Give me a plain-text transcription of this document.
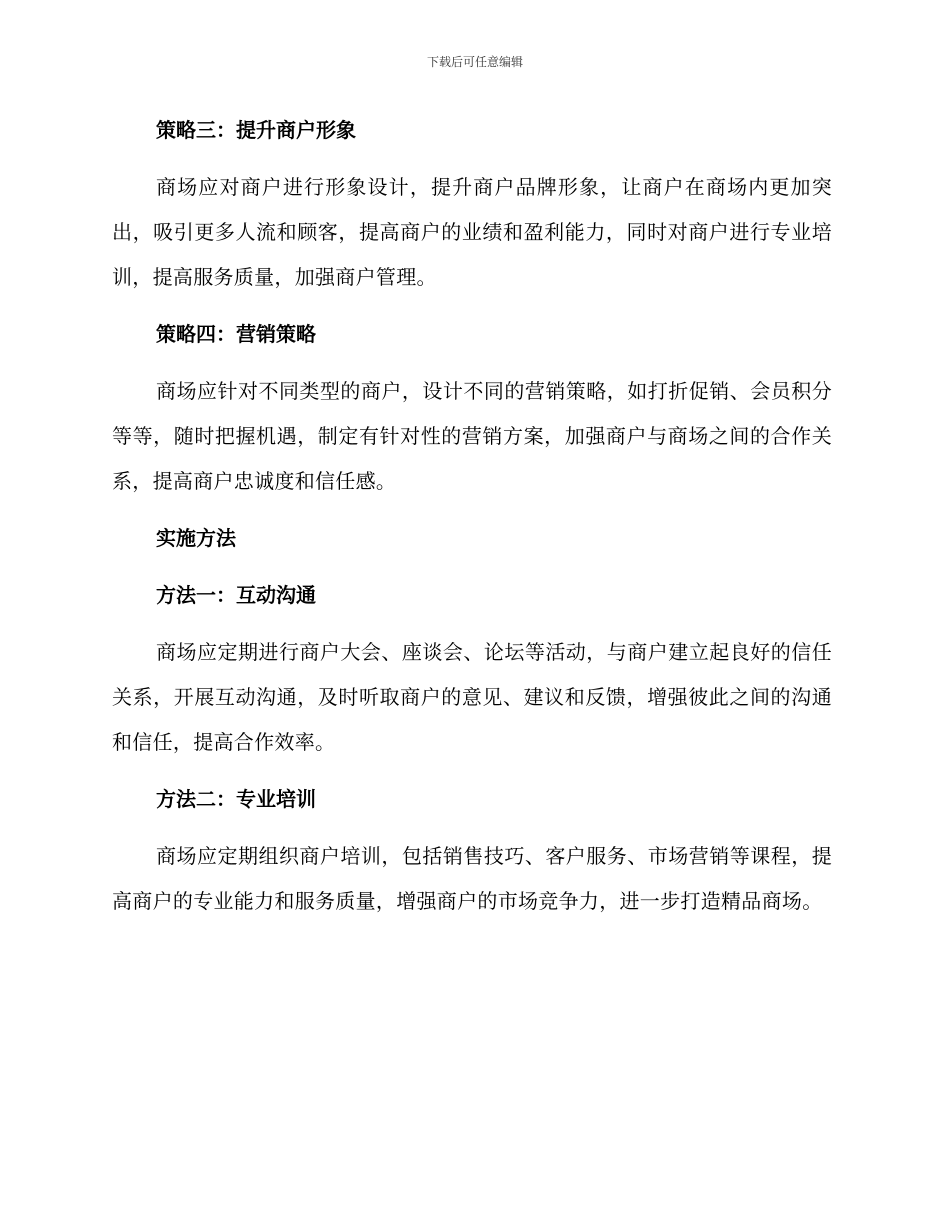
下载后可任意编辑
策略三：提升商户形象
商场应对商户进行形象设计，提升商户品牌形象，让商户在商场内更加突出，吸引更多人流和顾客，提高商户的业绩和盈利能力，同时对商户进行专业培训，提高服务质量，加强商户管理。
策略四：营销策略
商场应针对不同类型的商户，设计不同的营销策略，如打折促销、会员积分等等，随时把握机遇，制定有针对性的营销方案，加强商户与商场之间的合作关系，提高商户忠诚度和信任感。
实施方法
方法一：互动沟通
商场应定期进行商户大会、座谈会、论坛等活动，与商户建立起良好的信任关系，开展互动沟通，及时听取商户的意见、建议和反馈，增强彼此之间的沟通和信任，提高合作效率。
方法二：专业培训
商场应定期组织商户培训，包括销售技巧、客户服务、市场营销等课程，提高商户的专业能力和服务质量，增强商户的市场竞争力，进一步打造精品商场。
